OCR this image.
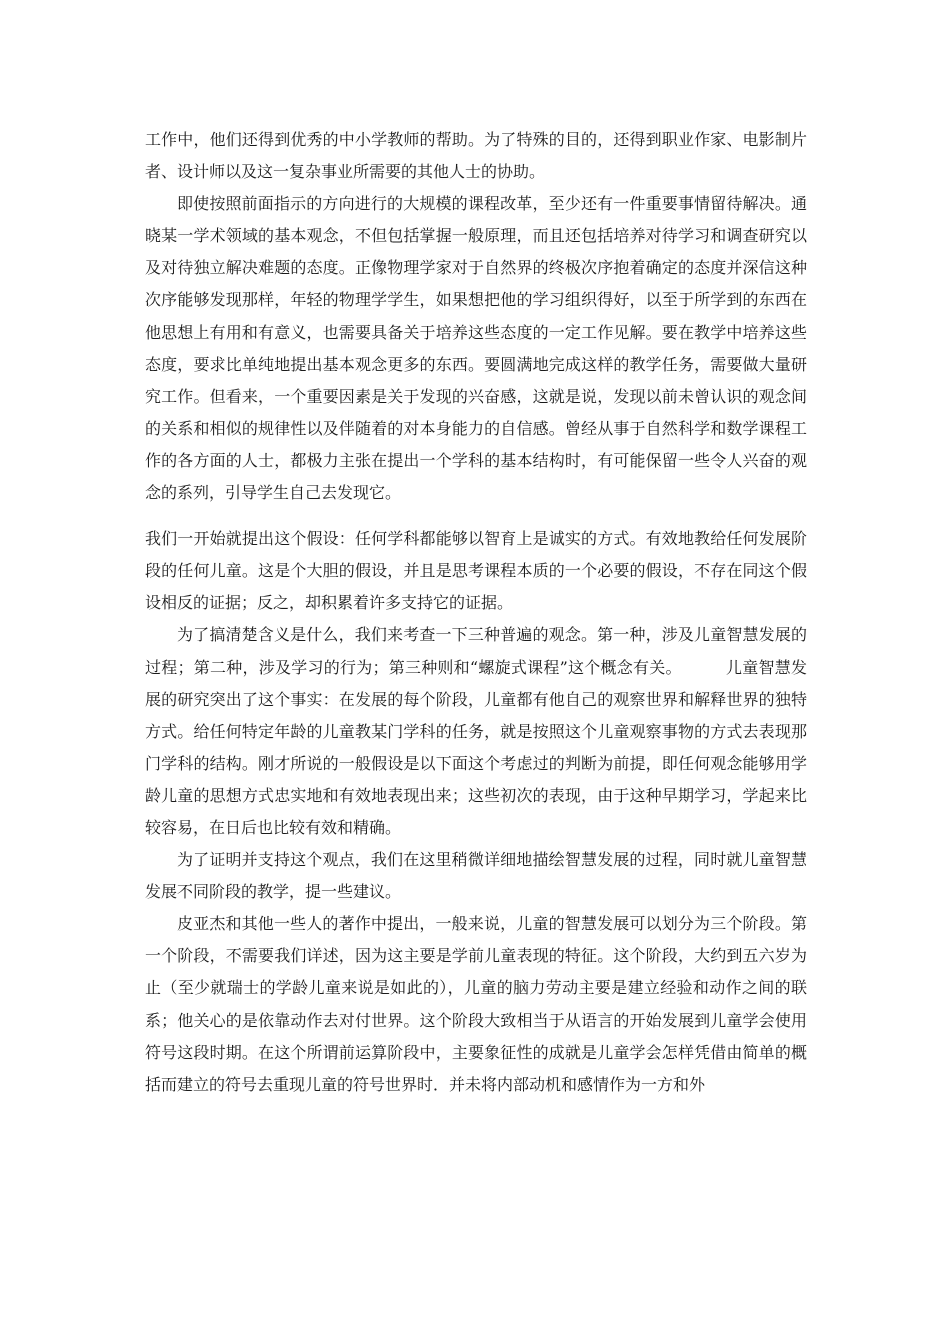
工作中，他们还得到优秀的中小学教师的帮助。为了特殊的目的，还得到职业作家、电影制片者、设计师以及这一复杂事业所需要的其他人士的协助。

即使按照前面指示的方向进行的大规模的课程改革，至少还有一件重要事情留待解决。通晓某一学术领域的基本观念，不但包括掌握一般原理，而且还包括培养对待学习和调查研究以及对待独立解决难题的态度。正像物理学家对于自然界的终极次序抱着确定的态度并深信这种次序能够发现那样，年轻的物理学学生，如果想把他的学习组织得好，以至于所学到的东西在他思想上有用和有意义，也需要具备关于培养这些态度的一定工作见解。要在教学中培养这些态度，要求比单纯地提出基本观念更多的东西。要圆满地完成这样的教学任务，需要做大量研究工作。但看来，一个重要因素是关于发现的兴奋感，这就是说，发现以前未曾认识的观念间的关系和相似的规律性以及伴随着的对本身能力的自信感。曾经从事于自然科学和数学课程工作的各方面的人士，都极力主张在提出一个学科的基本结构时，有可能保留一些令人兴奋的观念的系列，引导学生自己去发现它。

我们一开始就提出这个假设：任何学科都能够以智育上是诚实的方式。有效地教给任何发展阶段的任何儿童。这是个大胆的假设，并且是思考课程本质的一个必要的假设，不存在同这个假设相反的证据；反之，却积累着许多支持它的证据。

为了搞清楚含义是什么，我们来考查一下三种普遍的观念。第一种，涉及儿童智慧发展的过程；第二种，涉及学习的行为；第三种则和“螺旋式课程”这个概念有关。	儿童智慧发展的研究突出了这个事实：在发展的每个阶段，儿童都有他自己的观察世界和解释世界的独特方式。给任何特定年龄的儿童教某门学科的任务，就是按照这个儿童观察事物的方式去表现那门学科的结构。刚才所说的一般假设是以下面这个考虑过的判断为前提，即任何观念能够用学龄儿童的思想方式忠实地和有效地表现出来；这些初次的表现，由于这种早期学习，学起来比较容易，在日后也比较有效和精确。

为了证明并支持这个观点，我们在这里稍微详细地描绘智慧发展的过程，同时就儿童智慧发展不同阶段的教学，提一些建议。

皮亚杰和其他一些人的著作中提出，一般来说，儿童的智慧发展可以划分为三个阶段。第一个阶段，不需要我们详述，因为这主要是学前儿童表现的特征。这个阶段，大约到五六岁为止（至少就瑞士的学龄儿童来说是如此的），儿童的脑力劳动主要是建立经验和动作之间的联系；他关心的是依靠动作去对付世界。这个阶段大致相当于从语言的开始发展到儿童学会使用符号这段时期。在这个所谓前运算阶段中，主要象征性的成就是儿童学会怎样凭借由简单的概括而建立的符号去重现儿童的符号世界时．并未将内部动机和感情作为一方和外
